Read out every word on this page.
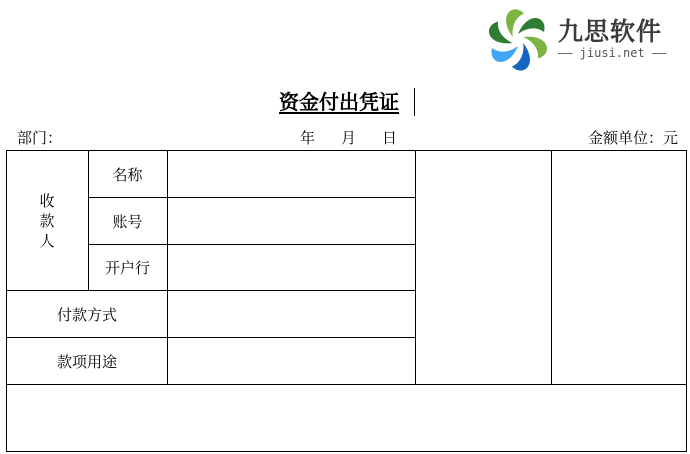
九思软件
—— jiusi.net ——
资金付出凭证
部门：	年 月 日	金额单位：元
收款人
名称
账号
开户行
付款方式
款项用途
